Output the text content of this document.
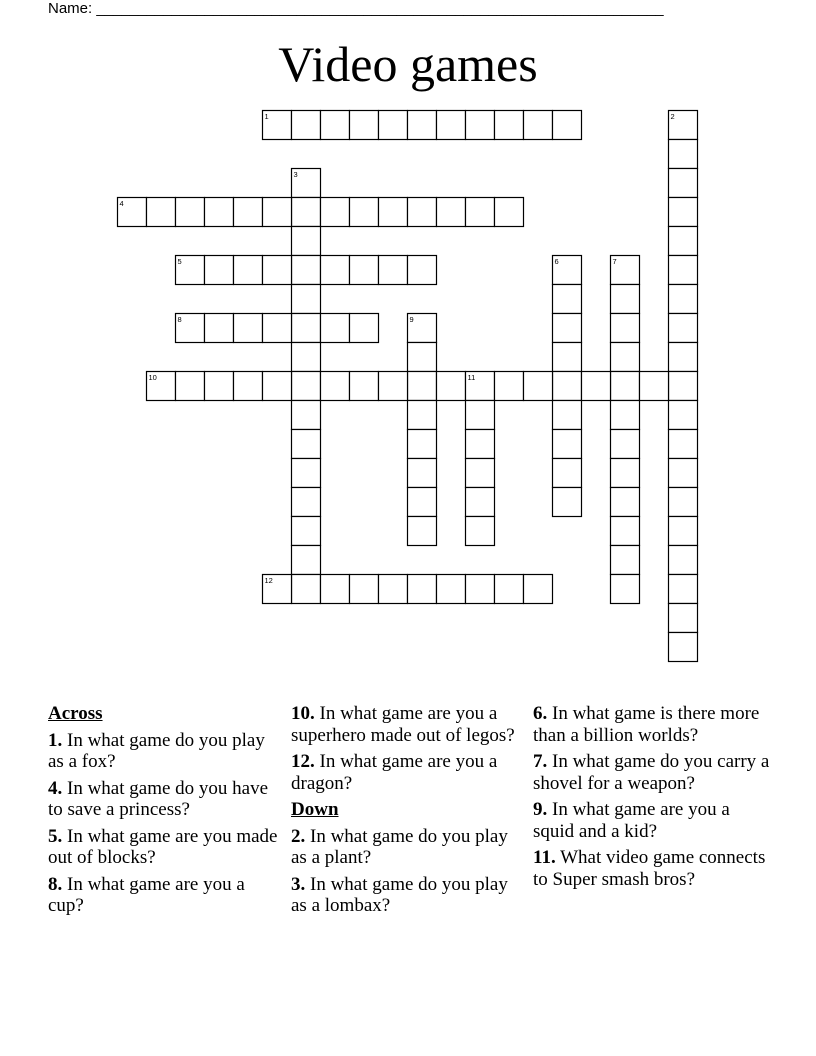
Name: ____________________________________________________________________
Video games
1	2
3
4
5	6	7
8	9
10	11
12
Across
1. In what game do you play as a fox?
4. In what game do you have to save a princess?
5. In what game are you made out of blocks?
8. In what game are you a cup?
10. In what game are you a superhero made out of legos?
12. In what game are you a dragon?
Down
2. In what game do you play as a plant?
3. In what game do you play as a lombax?
6. In what game is there more than a billion worlds?
7. In what game do you carry a shovel for a weapon?
9. In what game are you a squid and a kid?
11. What video game connects to Super smash bros?
